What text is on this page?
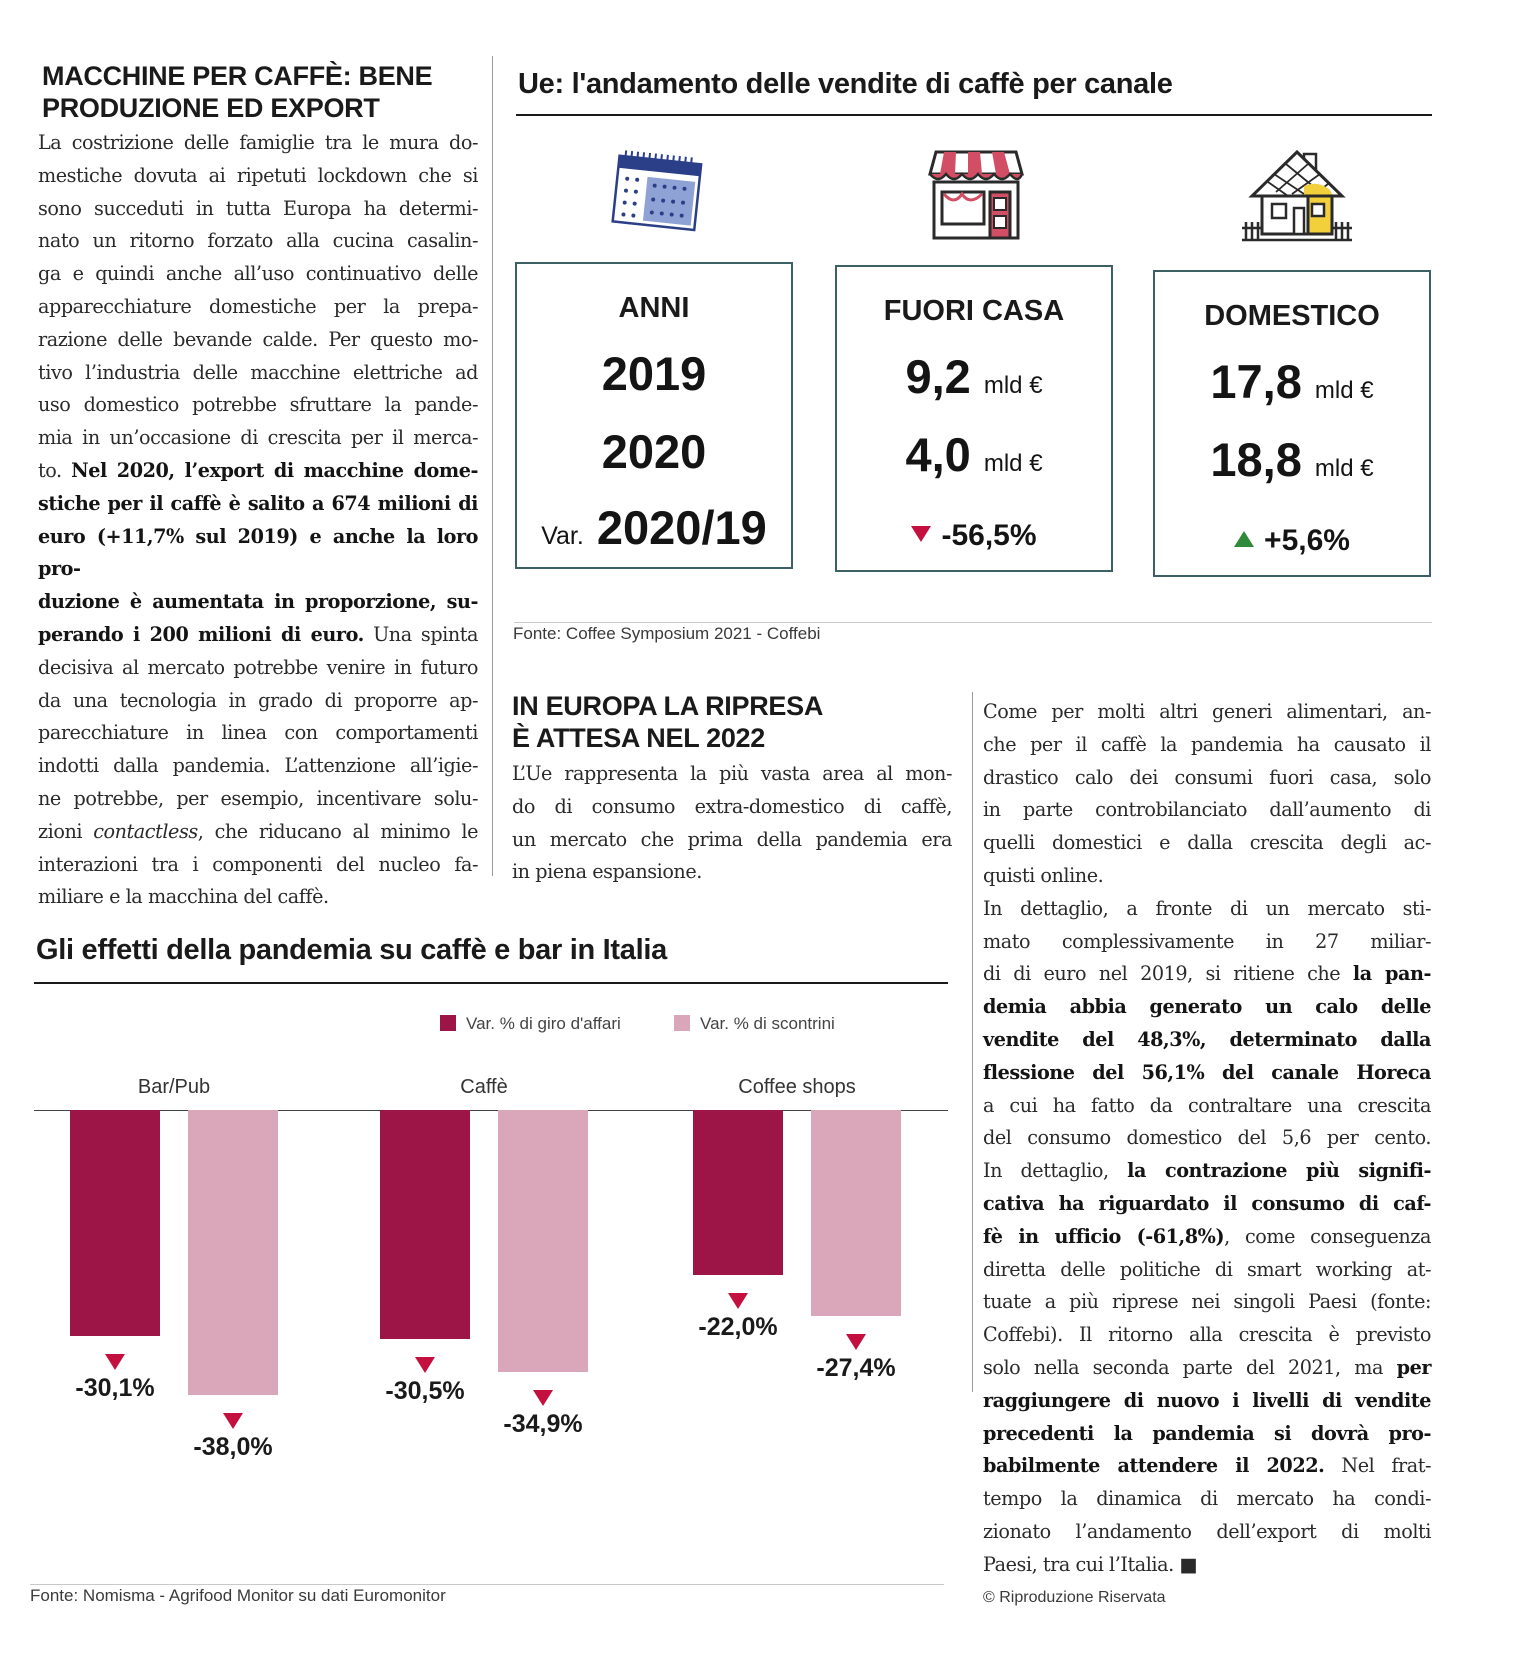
MACCHINE PER CAFFÈ: BENE
PRODUZIONE ED EXPORT
La costrizione delle famiglie tra le mura do-
mestiche dovuta ai ripetuti lockdown che si
sono succeduti in tutta Europa ha determi-
nato un ritorno forzato alla cucina casalin-
ga e quindi anche all’uso continuativo delle
apparecchiature domestiche per la prepa-
razione delle bevande calde. Per questo mo-
tivo l’industria delle macchine elettriche ad
uso domestico potrebbe sfruttare la pande-
mia in un’occasione di crescita per il merca-
to. Nel 2020, l’export di macchine dome-
stiche per il caffè è salito a 674 milioni di
euro (+11,7% sul 2019) e anche la loro pro-
duzione è aumentata in proporzione, su-
perando i 200 milioni di euro. Una spinta
decisiva al mercato potrebbe venire in futuro
da una tecnologia in grado di proporre ap-
parecchiature in linea con comportamenti
indotti dalla pandemia. L’attenzione all’igie-
ne potrebbe, per esempio, incentivare solu-
zioni contactless, che riducano al minimo le
interazioni tra i componenti del nucleo fa-
miliare e la macchina del caffè.
Ue: l'andamento delle vendite di caffè per canale
ANNI
2019
2020
Var. 2020/19
FUORI CASA
9,2 mld €
4,0 mld €
-56,5%
DOMESTICO
17,8 mld €
18,8 mld €
+5,6%
Fonte: Coffee Symposium 2021 - Coffebi
IN EUROPA LA RIPRESA
È ATTESA NEL 2022
L’Ue rappresenta la più vasta area al mon-
do di consumo extra-domestico di caffè,
un mercato che prima della pandemia era
in piena espansione.
Come per molti altri generi alimentari, an-
che per il caffè la pandemia ha causato il
drastico calo dei consumi fuori casa, solo
in parte controbilanciato dall’aumento di
quelli domestici e dalla crescita degli ac-
quisti online.
In dettaglio, a fronte di un mercato sti-
mato complessivamente in 27 miliar-
di di euro nel 2019, si ritiene che la pan-
demia abbia generato un calo delle
vendite del 48,3%, determinato dalla
flessione del 56,1% del canale Horeca
a cui ha fatto da contraltare una crescita
del consumo domestico del 5,6 per cento.
In dettaglio, la contrazione più signifi-
cativa ha riguardato il consumo di caf-
fè in ufficio (-61,8%), come conseguenza
diretta delle politiche di smart working at-
tuate a più riprese nei singoli Paesi (fonte:
Coffebi). Il ritorno alla crescita è previsto
solo nella seconda parte del 2021, ma per
raggiungere di nuovo i livelli di vendite
precedenti la pandemia si dovrà pro-
babilmente attendere il 2022. Nel frat-
tempo la dinamica di mercato ha condi-
zionato l’andamento dell’export di molti
Paesi, tra cui l’Italia. ■
© Riproduzione Riservata
Gli effetti della pandemia su caffè e bar in Italia
Var. % di giro d'affari	Var. % di scontrini
Bar/Pub
-30,1%
-38,0%
Caffè
-30,5%
-34,9%
Coffee shops
-22,0%
-27,4%
Fonte: Nomisma - Agrifood Monitor su dati Euromonitor
